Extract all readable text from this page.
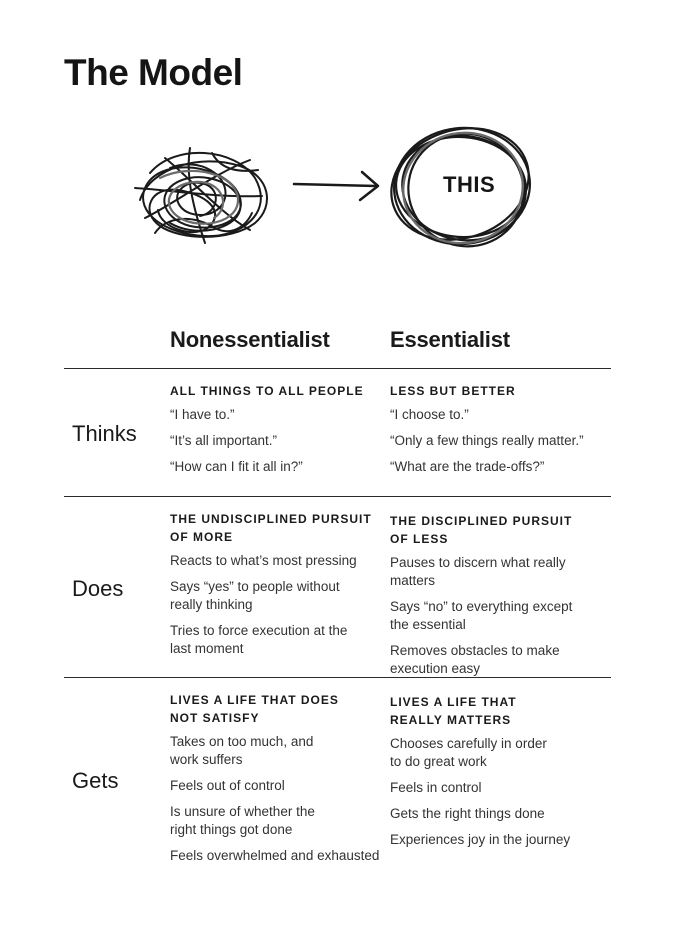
The Model
THIS
Nonessentialist	Essentialist
Thinks
ALL THINGS TO ALL PEOPLE
“I have to.”
“It’s all important.”
“How can I fit it all in?”
LESS BUT BETTER
“I choose to.”
“Only a few things really matter.”
“What are the trade-offs?”
Does
THE UNDISCIPLINED PURSUIT
OF MORE
Reacts to what’s most pressing
Says “yes” to people without
really thinking
Tries to force execution at the
last moment
THE DISCIPLINED PURSUIT
OF LESS
Pauses to discern what really matters
Says “no” to everything except
the essential
Removes obstacles to make
execution easy
Gets
LIVES A LIFE THAT DOES
NOT SATISFY
Takes on too much, and
work suffers
Feels out of control
Is unsure of whether the
right things got done
Feels overwhelmed and exhausted
LIVES A LIFE THAT
REALLY MATTERS
Chooses carefully in order
to do great work
Feels in control
Gets the right things done
Experiences joy in the journey
